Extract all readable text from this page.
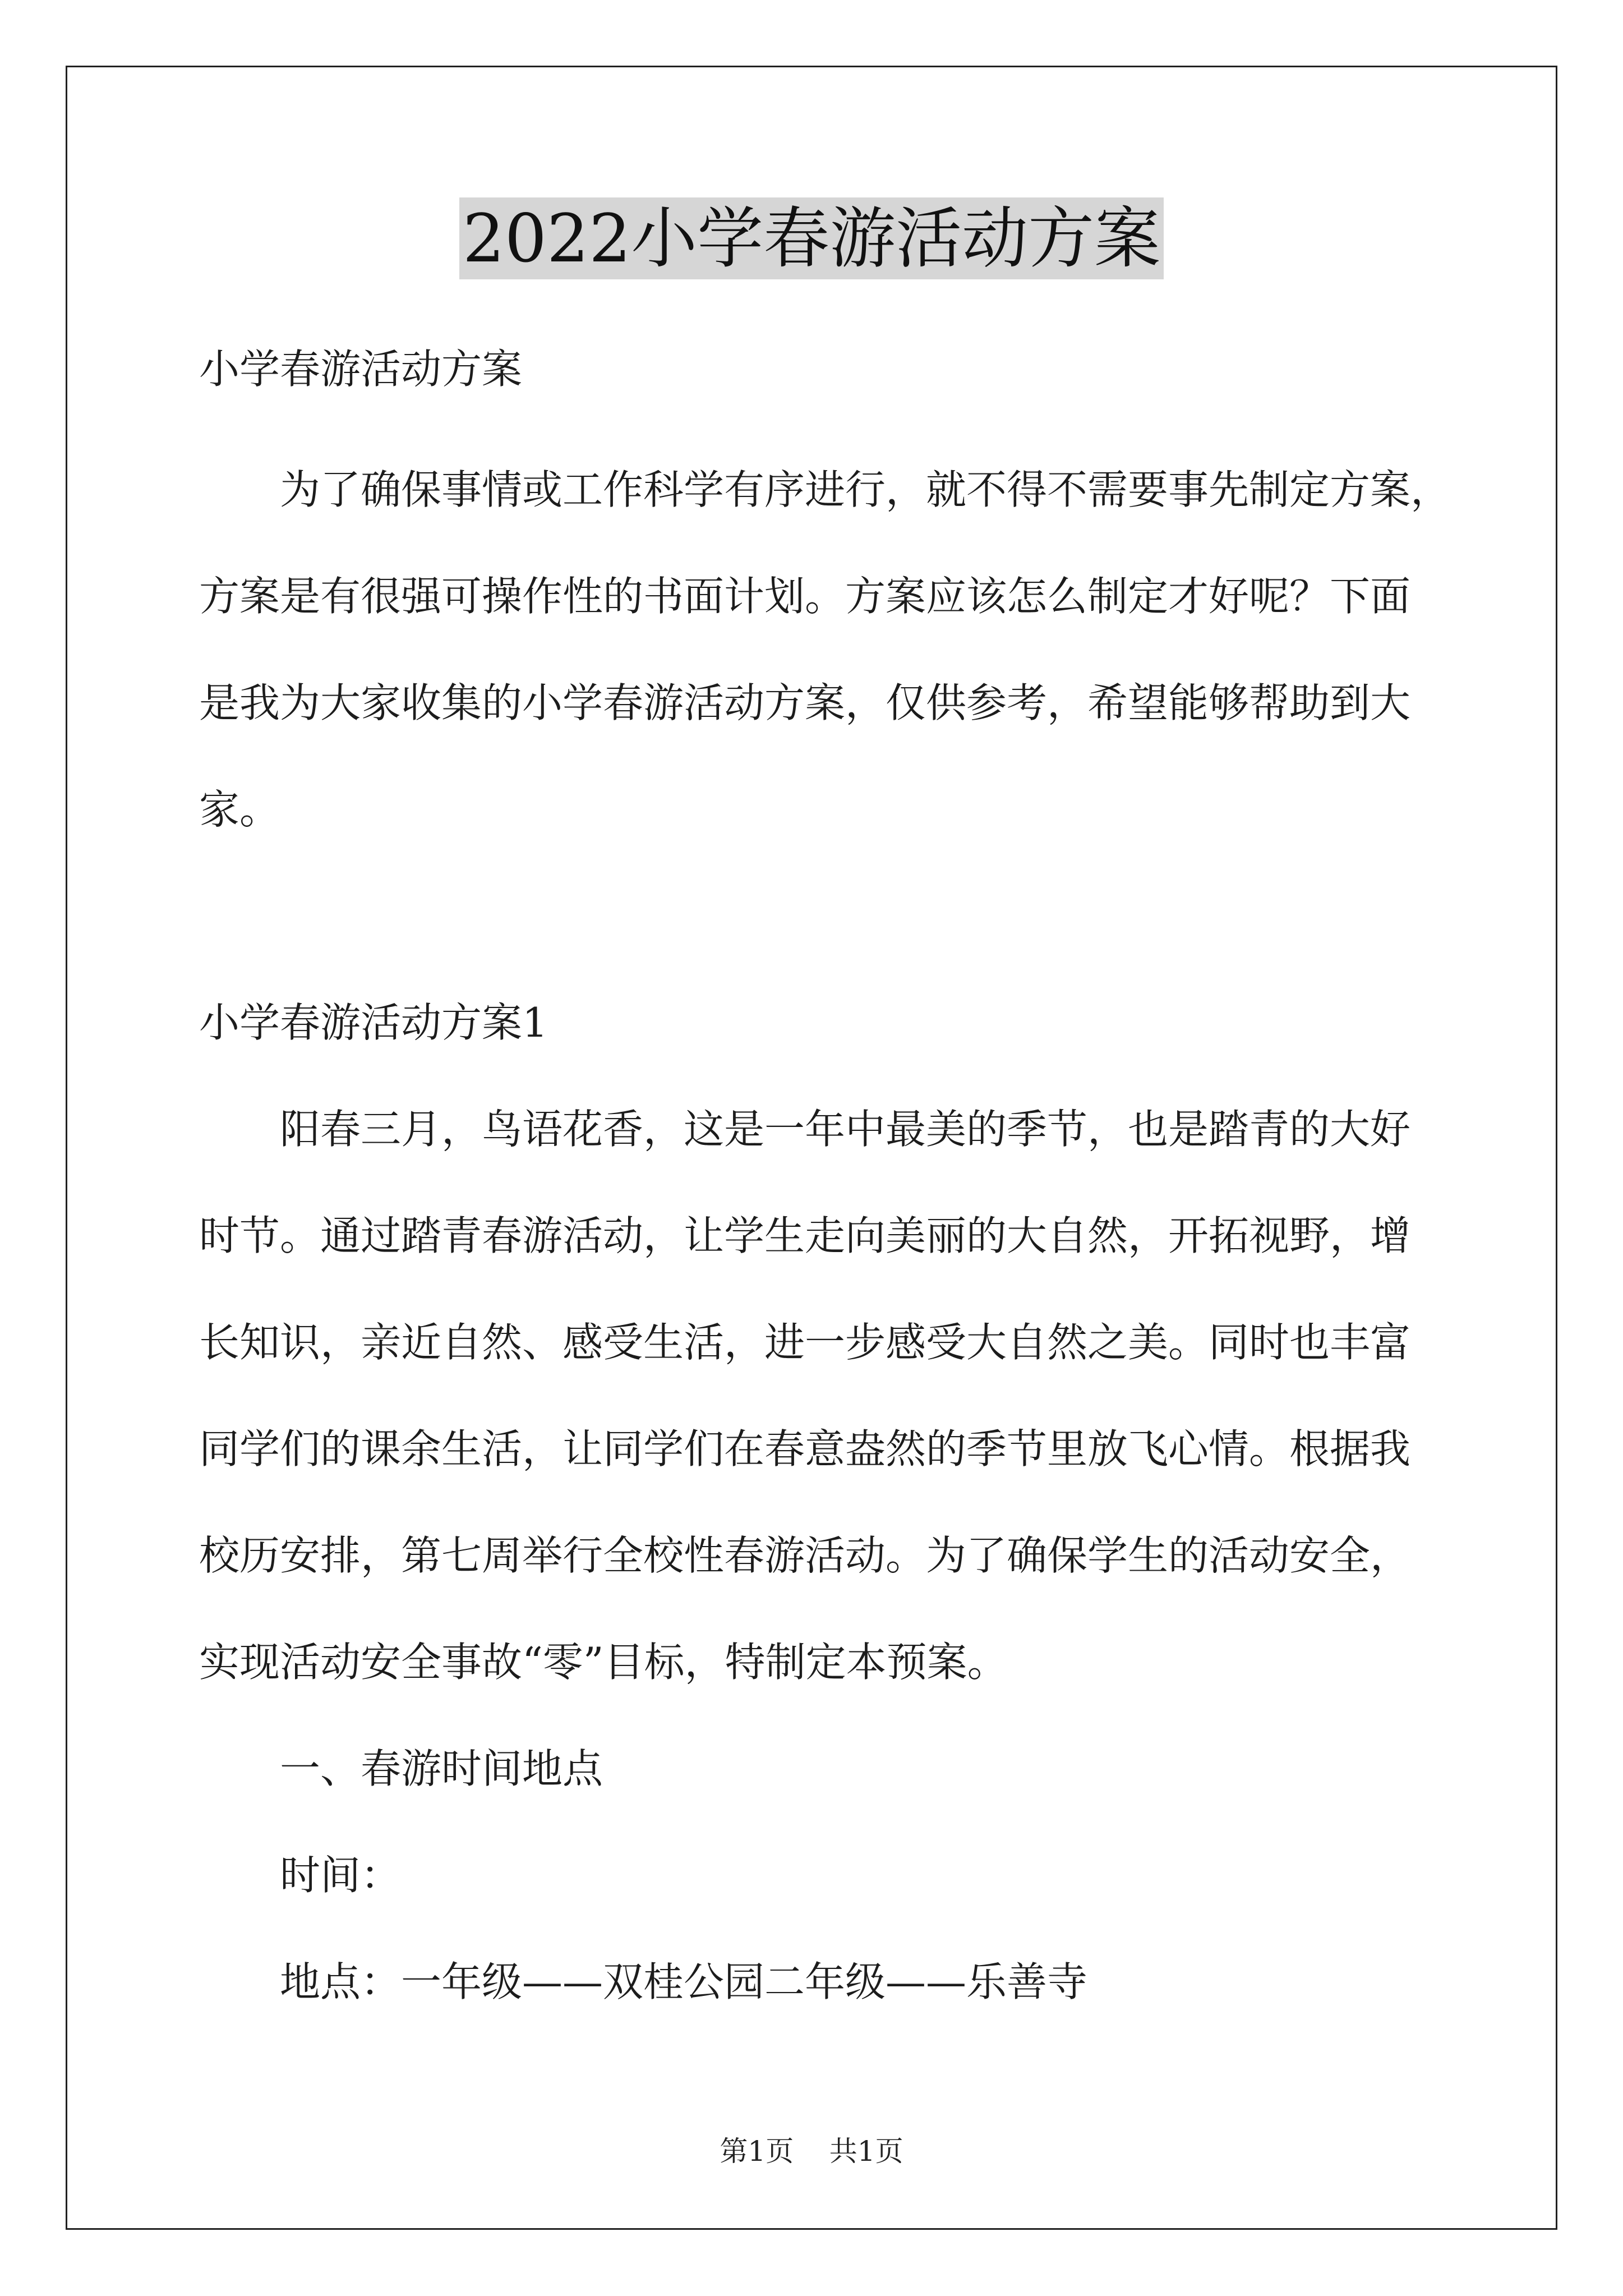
2022小学春游活动方案
小学春游活动方案
为了确保事情或工作科学有序进行，就不得不需要事先制定方案，
方案是有很强可操作性的书面计划。方案应该怎么制定才好呢？下面
是我为大家收集的小学春游活动方案，仅供参考，希望能够帮助到大
家。
小学春游活动方案1
阳春三月，鸟语花香，这是一年中最美的季节，也是踏青的大好
时节。通过踏青春游活动，让学生走向美丽的大自然，开拓视野，增
长知识，亲近自然、感受生活，进一步感受大自然之美。同时也丰富
同学们的课余生活，让同学们在春意盎然的季节里放飞心情。根据我
校历安排，第七周举行全校性春游活动。为了确保学生的活动安全，
实现活动安全事故“零”目标，特制定本预案。
一、春游时间地点
时间：
地点：一年级——双桂公园二年级——乐善寺
第1页 共1页
